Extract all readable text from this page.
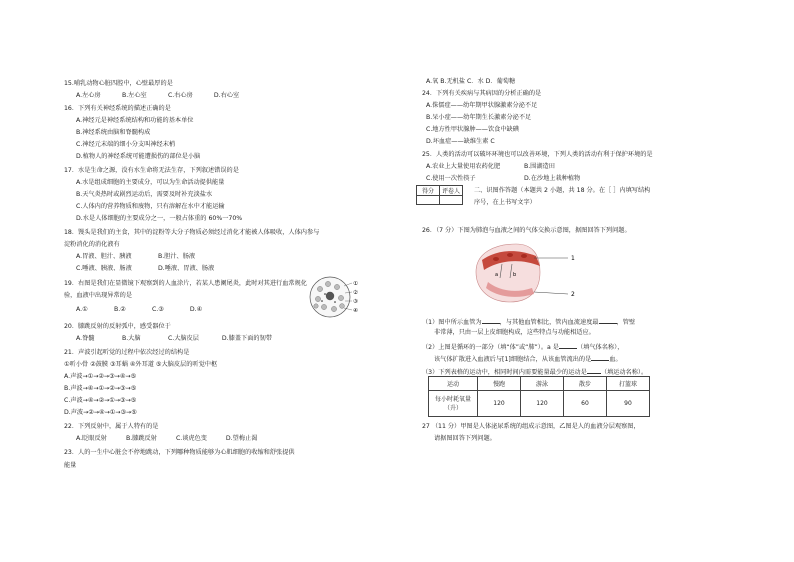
15.哺乳动物心脏四腔中，心壁最厚的是
A.左心房	B.左心室	C.右心房	D.右心室
16．下列有关神经系统的描述正确的是
A.神经元是神经系统结构和功能的基本单位
B.神经系统由脑和脊髓构成
C.神经元末端的细小分支叫神经末梢
D.植物人的神经系统可能遭损伤的部位是小脑
17．水是生命之源，没有水生命将无法生存，下列叙述错误的是
A.水是组成细胞的主要成分，可以为生命活动提供能量
B.天气炎热时或剧烈运动后，需要及时补充淡盐水
C.人体内的营养物质和废物，只有溶解在水中才能运输
D.水是人体细胞的主要成分之一，一般占体重的 60%一70%
18．馒头是我们的主食，其中的淀粉等大分子物质必须经过消化才能被人体吸收，人体内参与
淀粉消化的消化液有
A.胃液、胆汁、胰液	B.胆汁、肠液
C.唾液、胰液、肠液	D.唾液、胃液、肠液
19．右图是我们在显微镜下观察到的人血涂片，若某人患阑尾炎，此时对其进行血常规化
验，血液中出现异常的是
A.①	B.②	C.③	D.④
①
②
③
④
20．膝跳反射的反射弧中，感受器位于
A.脊髓	B.大脑	C.大脑皮层	D.膝盖下面的韧带
21．声波引起听觉的过程中依次经过的结构是
①听小骨 ②鼓膜 ③耳蜗 ④外耳道 ⑤大脑皮层的听觉中枢
A.声波→①→②→③→④→⑤
B.声波→④→①→②→③→⑤
C.声波→④→②→①→③→⑤
D.声波→②→④→①→③→⑤
22．下列反射中，属于人特有的是
A.眨眼反射	B.膝跳反射	C.谈虎色变	D.望梅止渴
23．人的一生中心脏会不停地跳动，下列哪种物质能够为心肌细胞的收缩和舒张提供
能量
A.氧 B.无机盐 C．水 D．葡萄糖
24．下列有关疾病与其病因的分析正确的是
A.侏儒症——幼年期甲状腺激素分泌不足
B.呆小症——幼年期生长激素分泌不足
C.地方性甲状腺肿——饮食中缺碘
D.坏血症——缺维生素 C
25．人类的活动可以破坏环境也可以改善环境，下列人类的活动有利于保护环境的是
A.农业上大量使用农药化肥	B.围湖造田
C.使用一次性筷子	D.在沙地上栽种植物
得分	评卷人
	二、识图作答题（本题共 2 小题，共 18 分。在［ ］内填写结构
序号，在上书写文字）
26．（7 分）下图为肺泡与血液之间的气体交换示意图，据图回答下列问题。
a	b
1
2
（1）图中所示血管为	，与其他血管相比，管内血流速度最	，管壁
非常薄，只由一层上皮细胞构成，这些特点与功能相适应。
（2）上图是循环的一部分（填“体”或“肺”）。a 是	（填气体名称），
该气体扩散进入血液后与[1]细胞结合，从该血管流出的是	血。
（3）下列表格的运动中，相同时间内需要能量最少的运动是 （填运动名称）。
运动	慢跑	游泳	散步	打篮球
每小时耗氧量（升）	120	120	60	90
27 （11 分）甲图是人体泌尿系统的组成示意图，乙图是人的血液分层观察图，
请据图回答下列问题。
